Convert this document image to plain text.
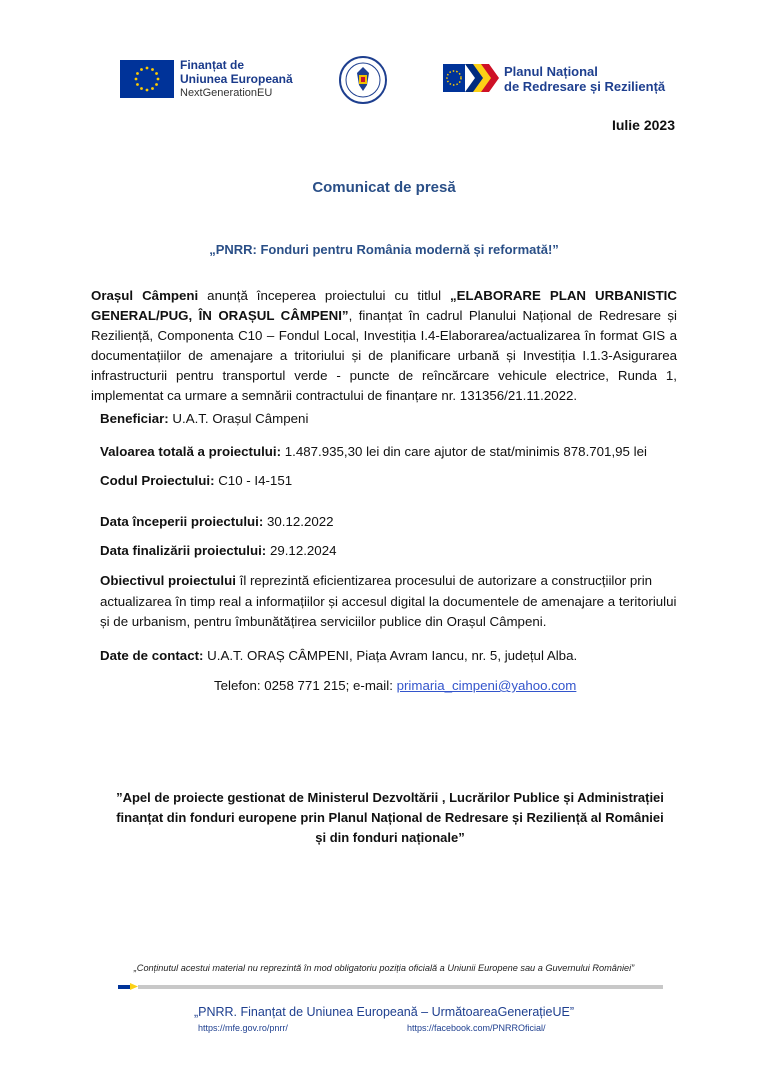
Finanțat de
Uniunea Europeană
NextGenerationEU
Planul Național
de Redresare și Reziliență
Iulie 2023
Comunicat de presă
„PNRR: Fonduri pentru România modernă și reformată!”
Orașul Câmpeni anunță începerea proiectului cu titlul „ELABORARE PLAN URBANISTIC GENERAL/PUG, ÎN ORAȘUL CÂMPENI”, finanțat în cadrul Planului Național de Redresare și Reziliență, Componenta C10 – Fondul Local, Investiția I.4-Elaborarea/actualizarea în format GIS a documentațiilor de amenajare a tritoriului și de planificare urbană și Investiția I.1.3-Asigurarea infrastructurii pentru transportul verde - puncte de reîncărcare vehicule electrice, Runda 1, implementat ca urmare a semnării contractului de finanțare nr. 131356/21.11.2022.
Beneficiar: U.A.T. Orașul Câmpeni
Valoarea totală a proiectului: 1.487.935,30 lei din care ajutor de stat/minimis 878.701,95 lei
Codul Proiectului: C10 - I4-151
Data începerii proiectului: 30.12.2022
Data finalizării proiectului: 29.12.2024
Obiectivul proiectului îl reprezintă eficientizarea procesului de autorizare a construcțiilor prin actualizarea în timp real a informațiilor și accesul digital la documentele de amenajare a teritoriului și de urbanism, pentru îmbunătățirea serviciilor publice din Orașul Câmpeni.
Date de contact: U.A.T. ORAȘ CÂMPENI, Piața Avram Iancu, nr. 5, județul Alba.
Telefon: 0258 771 215; e-mail: primaria_cimpeni@yahoo.com
”Apel de proiecte gestionat de Ministerul Dezvoltării , Lucrărilor Publice și Administrației finanțat din fonduri europene prin Planul Național de Redresare și Reziliență al României și din fonduri naționale”
„Conținutul acestui material nu reprezintă în mod obligatoriu poziția oficială a Uniunii Europene sau a Guvernului României”
„PNRR. Finanțat de Uniunea Europeană – UrmătoareaGenerațieUE”
https://mfe.gov.ro/pnrr/	https://facebook.com/PNRROficial/
